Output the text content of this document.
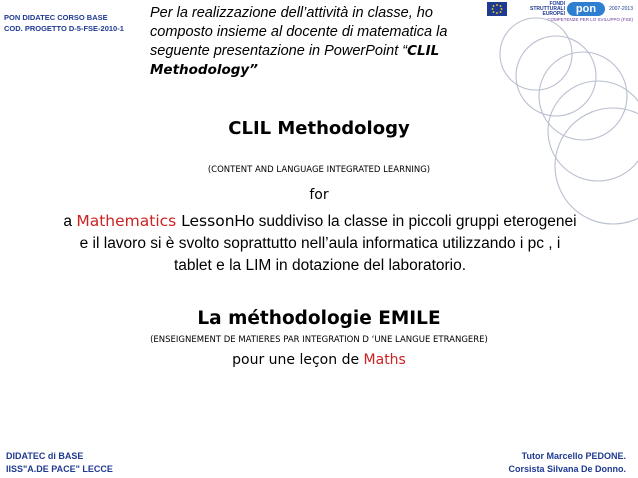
PON DIDATEC CORSO BASE
COD. PROGETTO D-5-FSE-2010-1
FONDI
STRUTTURALI
EUROPEI pon	2007-2013
COMPETENZE PER LO SVILUPPO (FSE)
Per la realizzazione dell’attività in classe, ho composto insieme al docente di matematica la seguente presentazione in PowerPoint “CLIL Methodology”
CLIL Methodology
(CONTENT AND LANGUAGE INTEGRATED LEARNING)
for
a Mathematics LessonHo suddiviso la classe in piccoli gruppi eterogenei e il lavoro si è svolto soprattutto nell’aula informatica utilizzando i pc , i tablet e la LIM in dotazione del laboratorio.
La méthodologie EMILE
(ENSEIGNEMENT DE MATIERES PAR INTEGRATION D ‘UNE LANGUE ETRANGERE)
pour une leçon de Maths
DIDATEC di BASE
IISS"A.DE PACE" LECCE
Tutor Marcello PEDONE.
Corsista Silvana De Donno.
